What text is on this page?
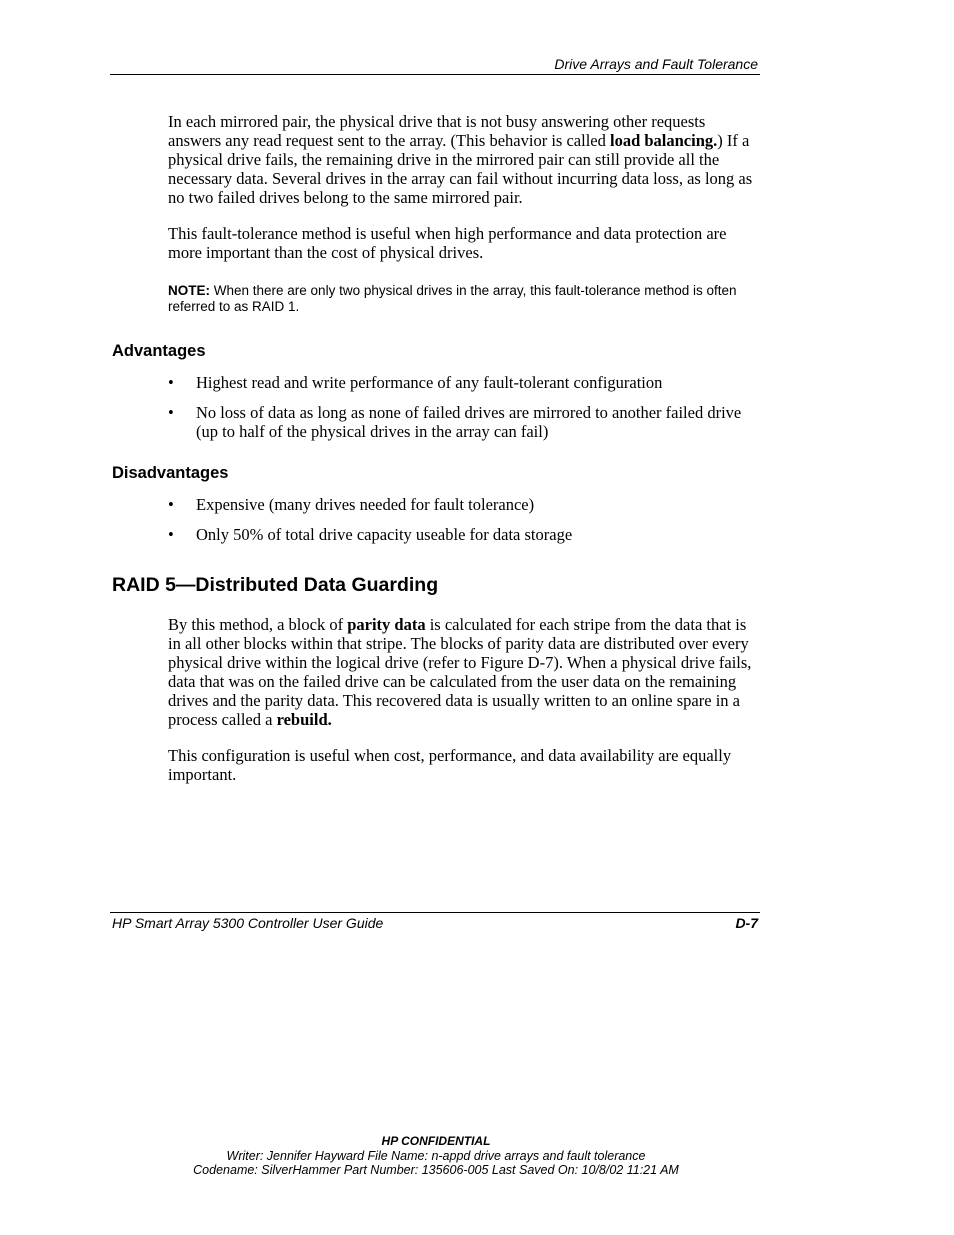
Drive Arrays and Fault Tolerance

In each mirrored pair, the physical drive that is not busy answering other requests answers any read request sent to the array. (This behavior is called load balancing.) If a physical drive fails, the remaining drive in the mirrored pair can still provide all the necessary data. Several drives in the array can fail without incurring data loss, as long as no two failed drives belong to the same mirrored pair.

This fault-tolerance method is useful when high performance and data protection are more important than the cost of physical drives.

NOTE: When there are only two physical drives in the array, this fault-tolerance method is often referred to as RAID 1.

Advantages
• Highest read and write performance of any fault-tolerant configuration
• No loss of data as long as none of failed drives are mirrored to another failed drive (up to half of the physical drives in the array can fail)
Disadvantages
• Expensive (many drives needed for fault tolerance)
• Only 50% of total drive capacity useable for data storage
RAID 5—Distributed Data Guarding

By this method, a block of parity data is calculated for each stripe from the data that is in all other blocks within that stripe. The blocks of parity data are distributed over every physical drive within the logical drive (refer to Figure D-7). When a physical drive fails, data that was on the failed drive can be calculated from the user data on the remaining drives and the parity data. This recovered data is usually written to an online spare in a process called a rebuild.

This configuration is useful when cost, performance, and data availability are equally important.

HP Smart Array 5300 Controller User Guide	D-7
HP CONFIDENTIAL
Writer: Jennifer Hayward File Name: n-appd drive arrays and fault tolerance
Codename: SilverHammer Part Number: 135606-005 Last Saved On: 10/8/02 11:21 AM
